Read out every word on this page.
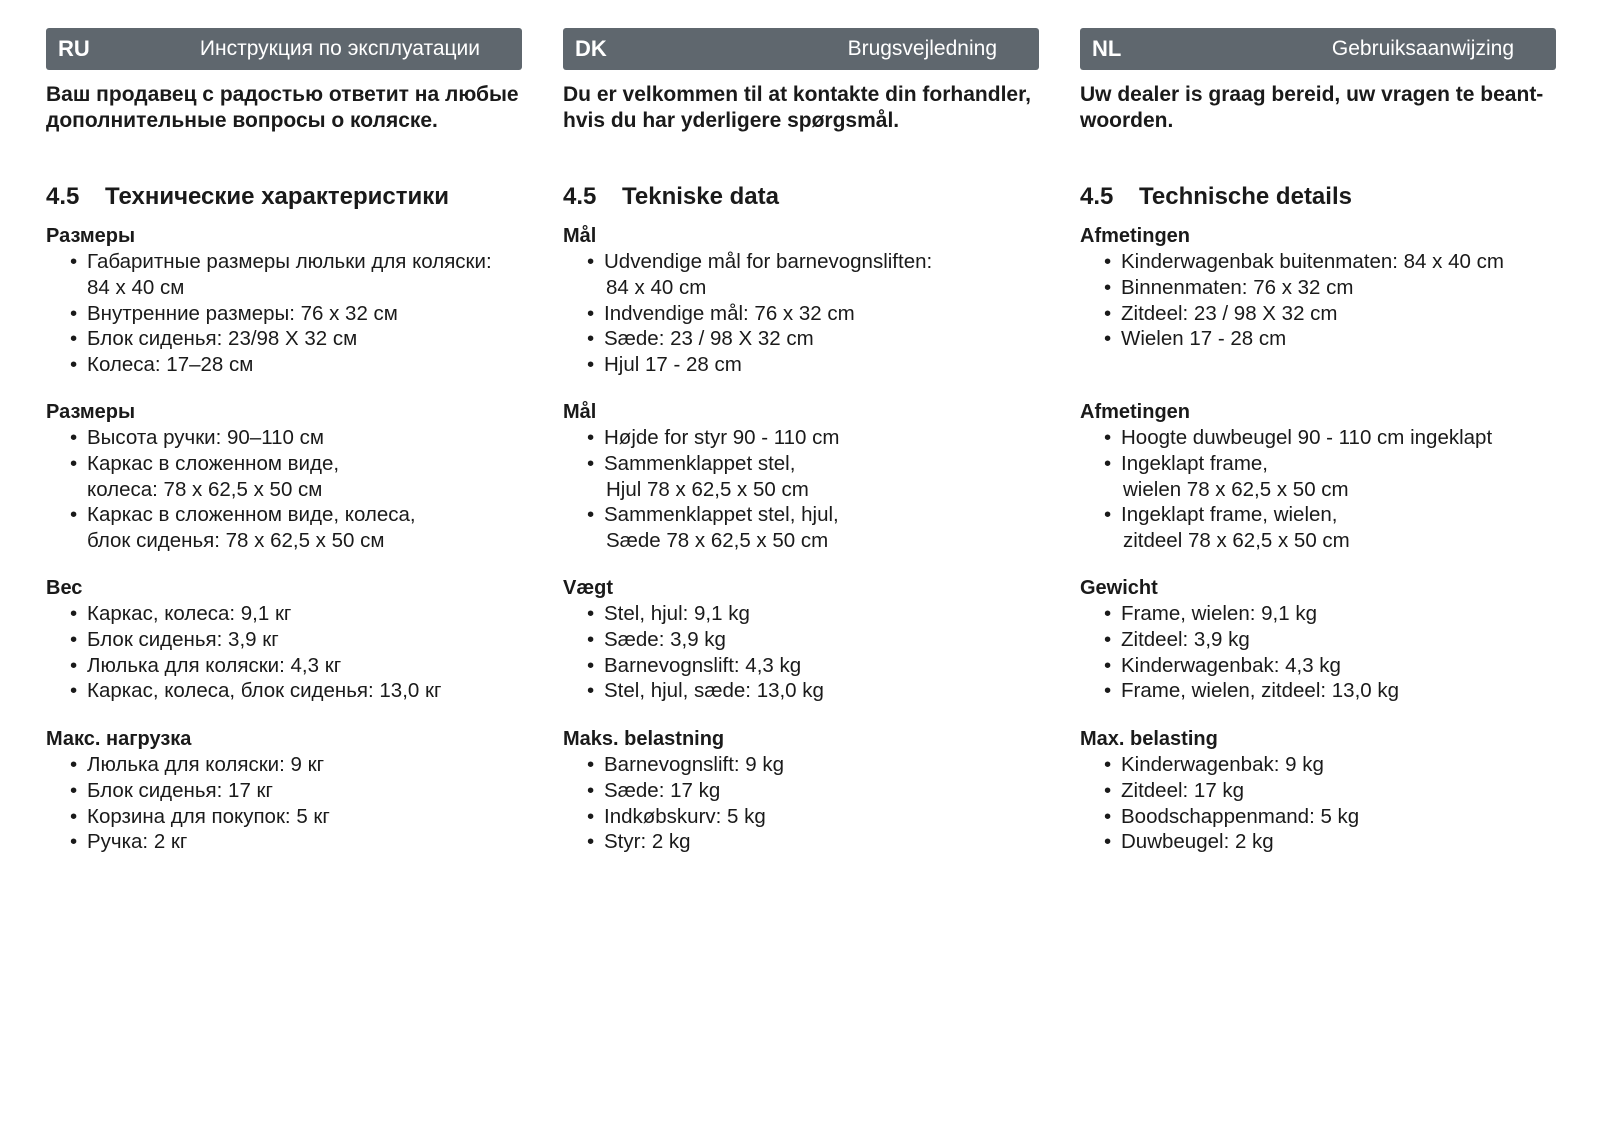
RU	Инструкция по эксплуатации

Ваш продавец с радостью ответит на любые дополнительные вопросы о коляске.

4.5 Технические характеристики
Размеры
• Габаритные размеры люльки для коляски:
84 x 40 см
• Внутренние размеры: 76 x 32 см
• Блок сиденья: 23/98 X 32 см
• Колеса: 17–28 см
Размеры
• Высота ручки: 90–110 см
• Каркас в сложенном виде,
колеса: 78 x 62,5 x 50 см
• Каркас в сложенном виде, колеса,
блок сиденья: 78 x 62,5 x 50 см
Вес
• Каркас, колеса: 9,1 кг
• Блок сиденья: 3,9 кг
• Люлька для коляски: 4,3 кг
• Каркас, колеса, блок сиденья: 13,0 кг
Макс. нагрузка
• Люлька для коляски: 9 кг
• Блок сиденья: 17 кг
• Корзина для покупок: 5 кг
• Ручка: 2 кг
DK	Brugsvejledning

Du er velkommen til at kontakte din forhandler, hvis du har yderligere spørgsmål.

4.5 Tekniske data
Mål
• Udvendige mål for barnevognsliften:
84 x 40 cm
• Indvendige mål: 76 x 32 cm
• Sæde: 23 / 98 X 32 cm
• Hjul 17 - 28 cm
Mål
• Højde for styr 90 - 110 cm
• Sammenklappet stel,
Hjul 78 x 62,5 x 50 cm
• Sammenklappet stel, hjul,
Sæde 78 x 62,5 x 50 cm
Vægt
• Stel, hjul: 9,1 kg
• Sæde: 3,9 kg
• Barnevognslift: 4,3 kg
• Stel, hjul, sæde: 13,0 kg
Maks. belastning
• Barnevognslift: 9 kg
• Sæde: 17 kg
• Indkøbskurv: 5 kg
• Styr: 2 kg
NL	Gebruiksaanwijzing

Uw dealer is graag bereid, uw vragen te beant-woorden.

4.5 Technische details
Afmetingen
• Kinderwagenbak buitenmaten: 84 x 40 cm
• Binnenmaten: 76 x 32 cm
• Zitdeel: 23 / 98 X 32 cm
• Wielen 17 - 28 cm
Afmetingen
• Hoogte duwbeugel 90 - 110 cm ingeklapt
• Ingeklapt frame,
wielen 78 x 62,5 x 50 cm
• Ingeklapt frame, wielen,
zitdeel 78 x 62,5 x 50 cm
Gewicht
• Frame, wielen: 9,1 kg
• Zitdeel: 3,9 kg
• Kinderwagenbak: 4,3 kg
• Frame, wielen, zitdeel: 13,0 kg
Max. belasting
• Kinderwagenbak: 9 kg
• Zitdeel: 17 kg
• Boodschappenmand: 5 kg
• Duwbeugel: 2 kg
